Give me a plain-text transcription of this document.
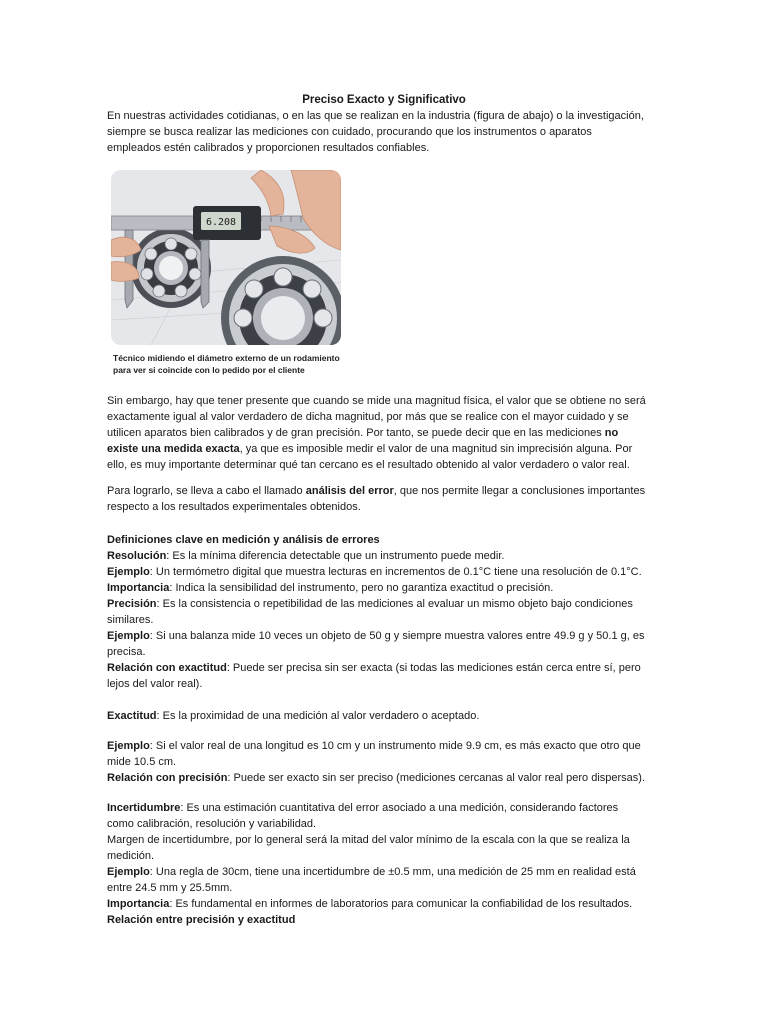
Preciso Exacto y Significativo
En nuestras actividades cotidianas, o en las que se realizan en la industria (figura de abajo) o la investigación,
siempre se busca realizar las mediciones con cuidado, procurando que los instrumentos o aparatos
empleados estén calibrados y proporcionen resultados confiables.
6.208
Técnico midiendo el diámetro externo de un rodamiento
para ver si coincide con lo pedido por el cliente
Sin embargo, hay que tener presente que cuando se mide una magnitud física, el valor que se obtiene no será
exactamente igual al valor verdadero de dicha magnitud, por más que se realice con el mayor cuidado y se
utilicen aparatos bien calibrados y de gran precisión. Por tanto, se puede decir que en las mediciones no
existe una medida exacta, ya que es imposible medir el valor de una magnitud sin imprecisión alguna. Por
ello, es muy importante determinar qué tan cercano es el resultado obtenido al valor verdadero o valor real.
Para lograrlo, se lleva a cabo el llamado análisis del error, que nos permite llegar a conclusiones importantes
respecto a los resultados experimentales obtenidos.
Definiciones clave en medición y análisis de errores
Resolución: Es la mínima diferencia detectable que un instrumento puede medir.
Ejemplo: Un termómetro digital que muestra lecturas en incrementos de 0.1°C tiene una resolución de 0.1°C.
Importancia: Indica la sensibilidad del instrumento, pero no garantiza exactitud o precisión.
Precisión: Es la consistencia o repetibilidad de las mediciones al evaluar un mismo objeto bajo condiciones
similares.
Ejemplo: Si una balanza mide 10 veces un objeto de 50 g y siempre muestra valores entre 49.9 g y 50.1 g, es
precisa.
Relación con exactitud: Puede ser precisa sin ser exacta (si todas las mediciones están cerca entre sí, pero
lejos del valor real).
Exactitud: Es la proximidad de una medición al valor verdadero o aceptado.
Ejemplo: Si el valor real de una longitud es 10 cm y un instrumento mide 9.9 cm, es más exacto que otro que
mide 10.5 cm.
Relación con precisión: Puede ser exacto sin ser preciso (mediciones cercanas al valor real pero dispersas).
Incertidumbre: Es una estimación cuantitativa del error asociado a una medición, considerando factores
como calibración, resolución y variabilidad.
Margen de incertidumbre, por lo general será la mitad del valor mínimo de la escala con la que se realiza la
medición.
Ejemplo: Una regla de 30cm, tiene una incertidumbre de ±0.5 mm, una medición de 25 mm en realidad está
entre 24.5 mm y 25.5mm.
Importancia: Es fundamental en informes de laboratorios para comunicar la confiabilidad de los resultados.
Relación entre precisión y exactitud
